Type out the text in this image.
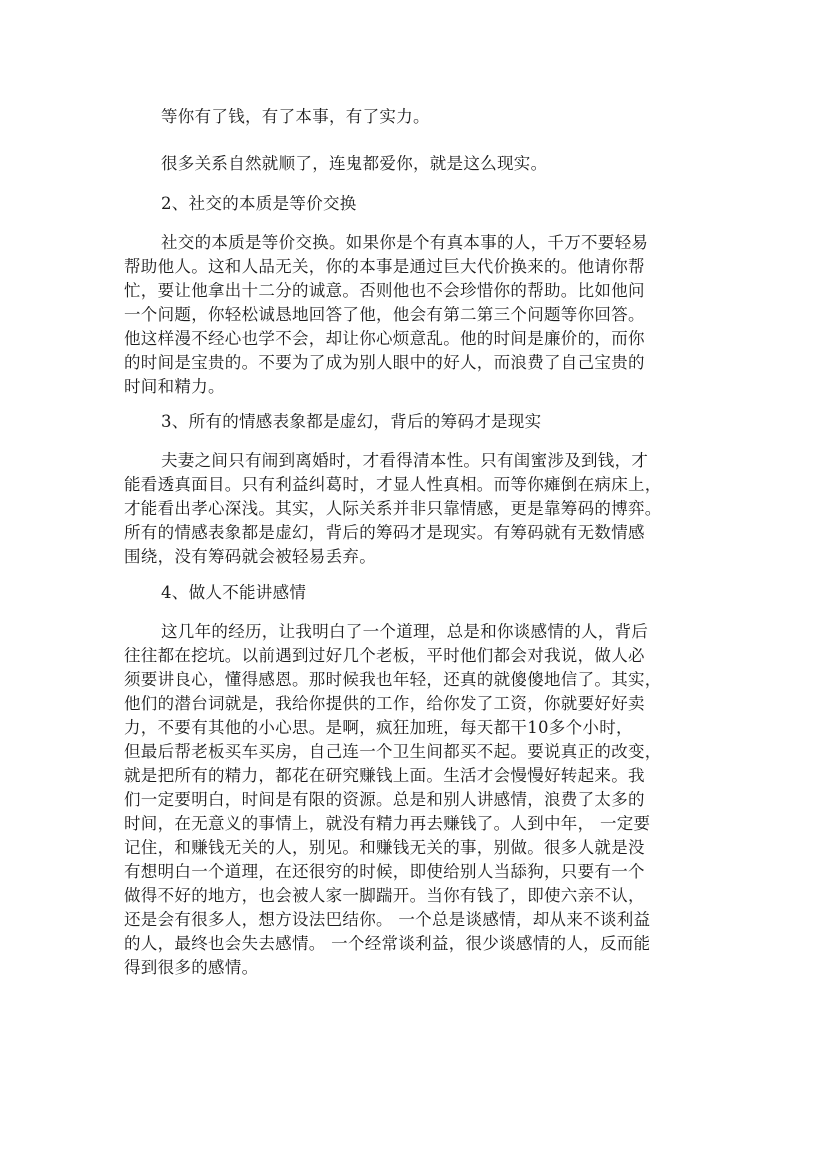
等你有了钱，有了本事，有了实力。
很多关系自然就顺了，连鬼都爱你，就是这么现实。
2、社交的本质是等价交换
社交的本质是等价交换。如果你是个有真本事的人，千万不要轻易
帮助他人。这和人品无关，你的本事是通过巨大代价换来的。他请你帮
忙，要让他拿出十二分的诚意。否则他也不会珍惜你的帮助。比如他问
一个问题，你轻松诚恳地回答了他，他会有第二第三个问题等你回答。
他这样漫不经心也学不会，却让你心烦意乱。他的时间是廉价的，而你
的时间是宝贵的。不要为了成为别人眼中的好人，而浪费了自己宝贵的
时间和精力。
3、所有的情感表象都是虚幻，背后的筹码才是现实
夫妻之间只有闹到离婚时，才看得清本性。只有闺蜜涉及到钱，才
能看透真面目。只有利益纠葛时，才显人性真相。而等你瘫倒在病床上，
才能看出孝心深浅。其实，人际关系并非只靠情感，更是靠筹码的博弈。
所有的情感表象都是虚幻，背后的筹码才是现实。有筹码就有无数情感
围绕，没有筹码就会被轻易丢弃。
4、做人不能讲感情
这几年的经历，让我明白了一个道理，总是和你谈感情的人，背后
往往都在挖坑。以前遇到过好几个老板，平时他们都会对我说，做人必
须要讲良心，懂得感恩。那时候我也年轻，还真的就傻傻地信了。其实，
他们的潜台词就是，我给你提供的工作，给你发了工资，你就要好好卖
力，不要有其他的小心思。是啊，疯狂加班，每天都干10多个小时，
但最后帮老板买车买房，自己连一个卫生间都买不起。要说真正的改变，
就是把所有的精力，都花在研究赚钱上面。生活才会慢慢好转起来。我
们一定要明白，时间是有限的资源。总是和别人讲感情，浪费了太多的
时间，在无意义的事情上，就没有精力再去赚钱了。人到中年， 一定要
记住，和赚钱无关的人，别见。和赚钱无关的事，别做。很多人就是没
有想明白一个道理，在还很穷的时候，即使给别人当舔狗，只要有一个
做得不好的地方，也会被人家一脚踹开。当你有钱了，即使六亲不认，
还是会有很多人，想方设法巴结你。 一个总是谈感情，却从来不谈利益
的人，最终也会失去感情。 一个经常谈利益，很少谈感情的人，反而能
得到很多的感情。
